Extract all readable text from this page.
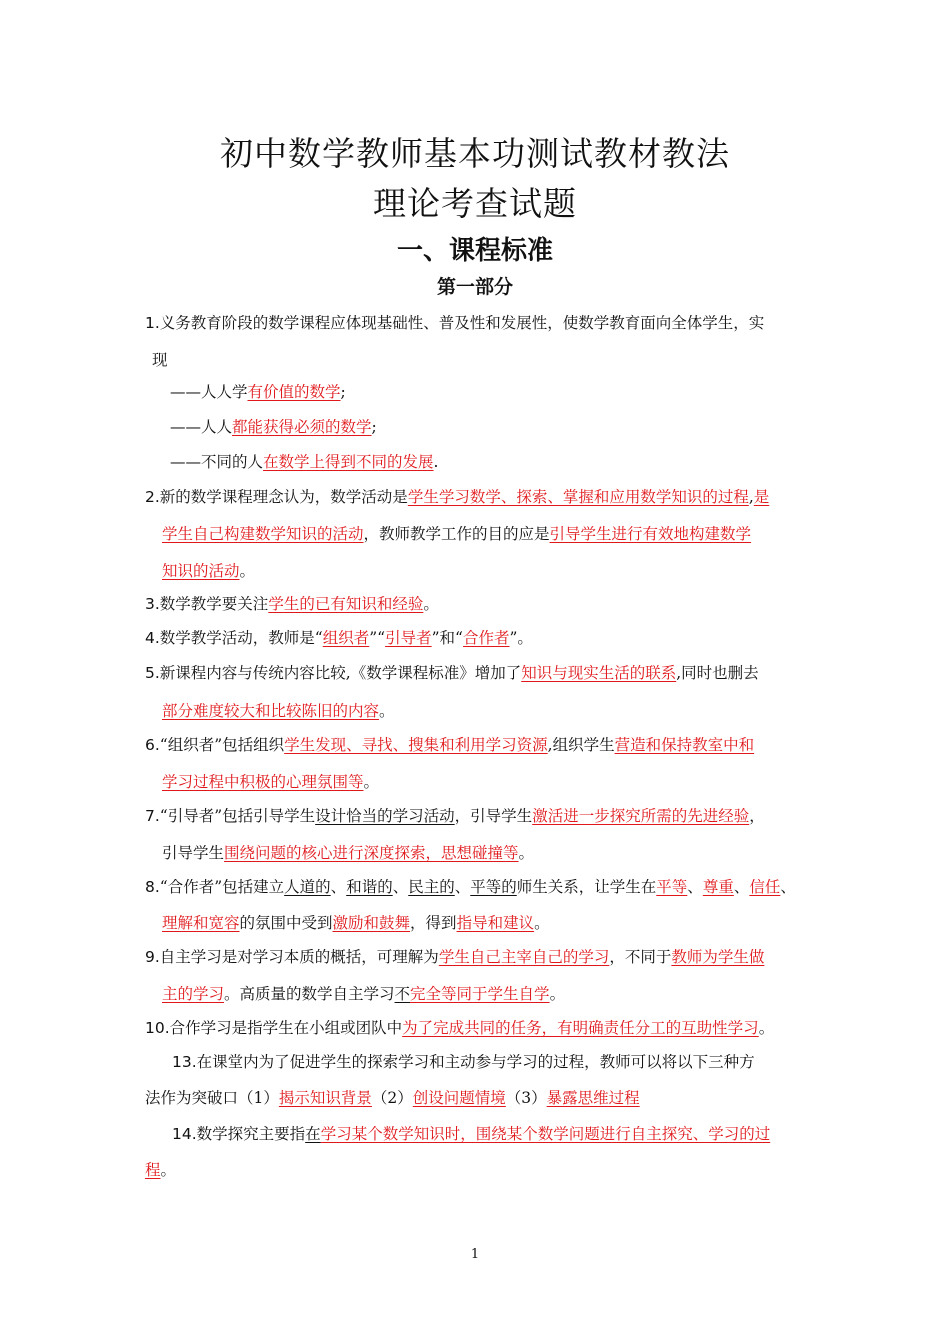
初中数学教师基本功测试教材教法
理论考查试题
一、课程标准
第一部分
1.义务教育阶段的数学课程应体现基础性、普及性和发展性，使数学教育面向全体学生，实
现
——人人学有价值的数学;
——人人都能获得必须的数学;
——不同的人在数学上得到不同的发展.
2.新的数学课程理念认为，数学活动是学生学习数学、探索、掌握和应用数学知识的过程,是
学生自己构建数学知识的活动，教师教学工作的目的应是引导学生进行有效地构建数学
知识的活动。
3.数学教学要关注学生的已有知识和经验。
4.数学教学活动，教师是“组织者”“引导者”和“合作者”。
5.新课程内容与传统内容比较,《数学课程标准》增加了知识与现实生活的联系,同时也删去
部分难度较大和比较陈旧的内容。
6.“组织者”包括组织学生发现、寻找、搜集和利用学习资源,组织学生营造和保持教室中和
学习过程中积极的心理氛围等。
7.“引导者”包括引导学生设计恰当的学习活动，引导学生激活进一步探究所需的先进经验，
引导学生围绕问题的核心进行深度探索，思想碰撞等。
8.“合作者”包括建立人道的、和谐的、民主的、平等的师生关系，让学生在平等、尊重、信任、
理解和宽容的氛围中受到激励和鼓舞，得到指导和建议。
9.自主学习是对学习本质的概括，可理解为学生自己主宰自己的学习，不同于教师为学生做
主的学习。高质量的数学自主学习不完全等同于学生自学。
10.合作学习是指学生在小组或团队中为了完成共同的任务，有明确责任分工的互助性学习。
13.在课堂内为了促进学生的探索学习和主动参与学习的过程，教师可以将以下三种方
法作为突破口（1）揭示知识背景（2）创设问题情境（3）暴露思维过程
14.数学探究主要指在学习某个数学知识时，围绕某个数学问题进行自主探究、学习的过
程。
1
